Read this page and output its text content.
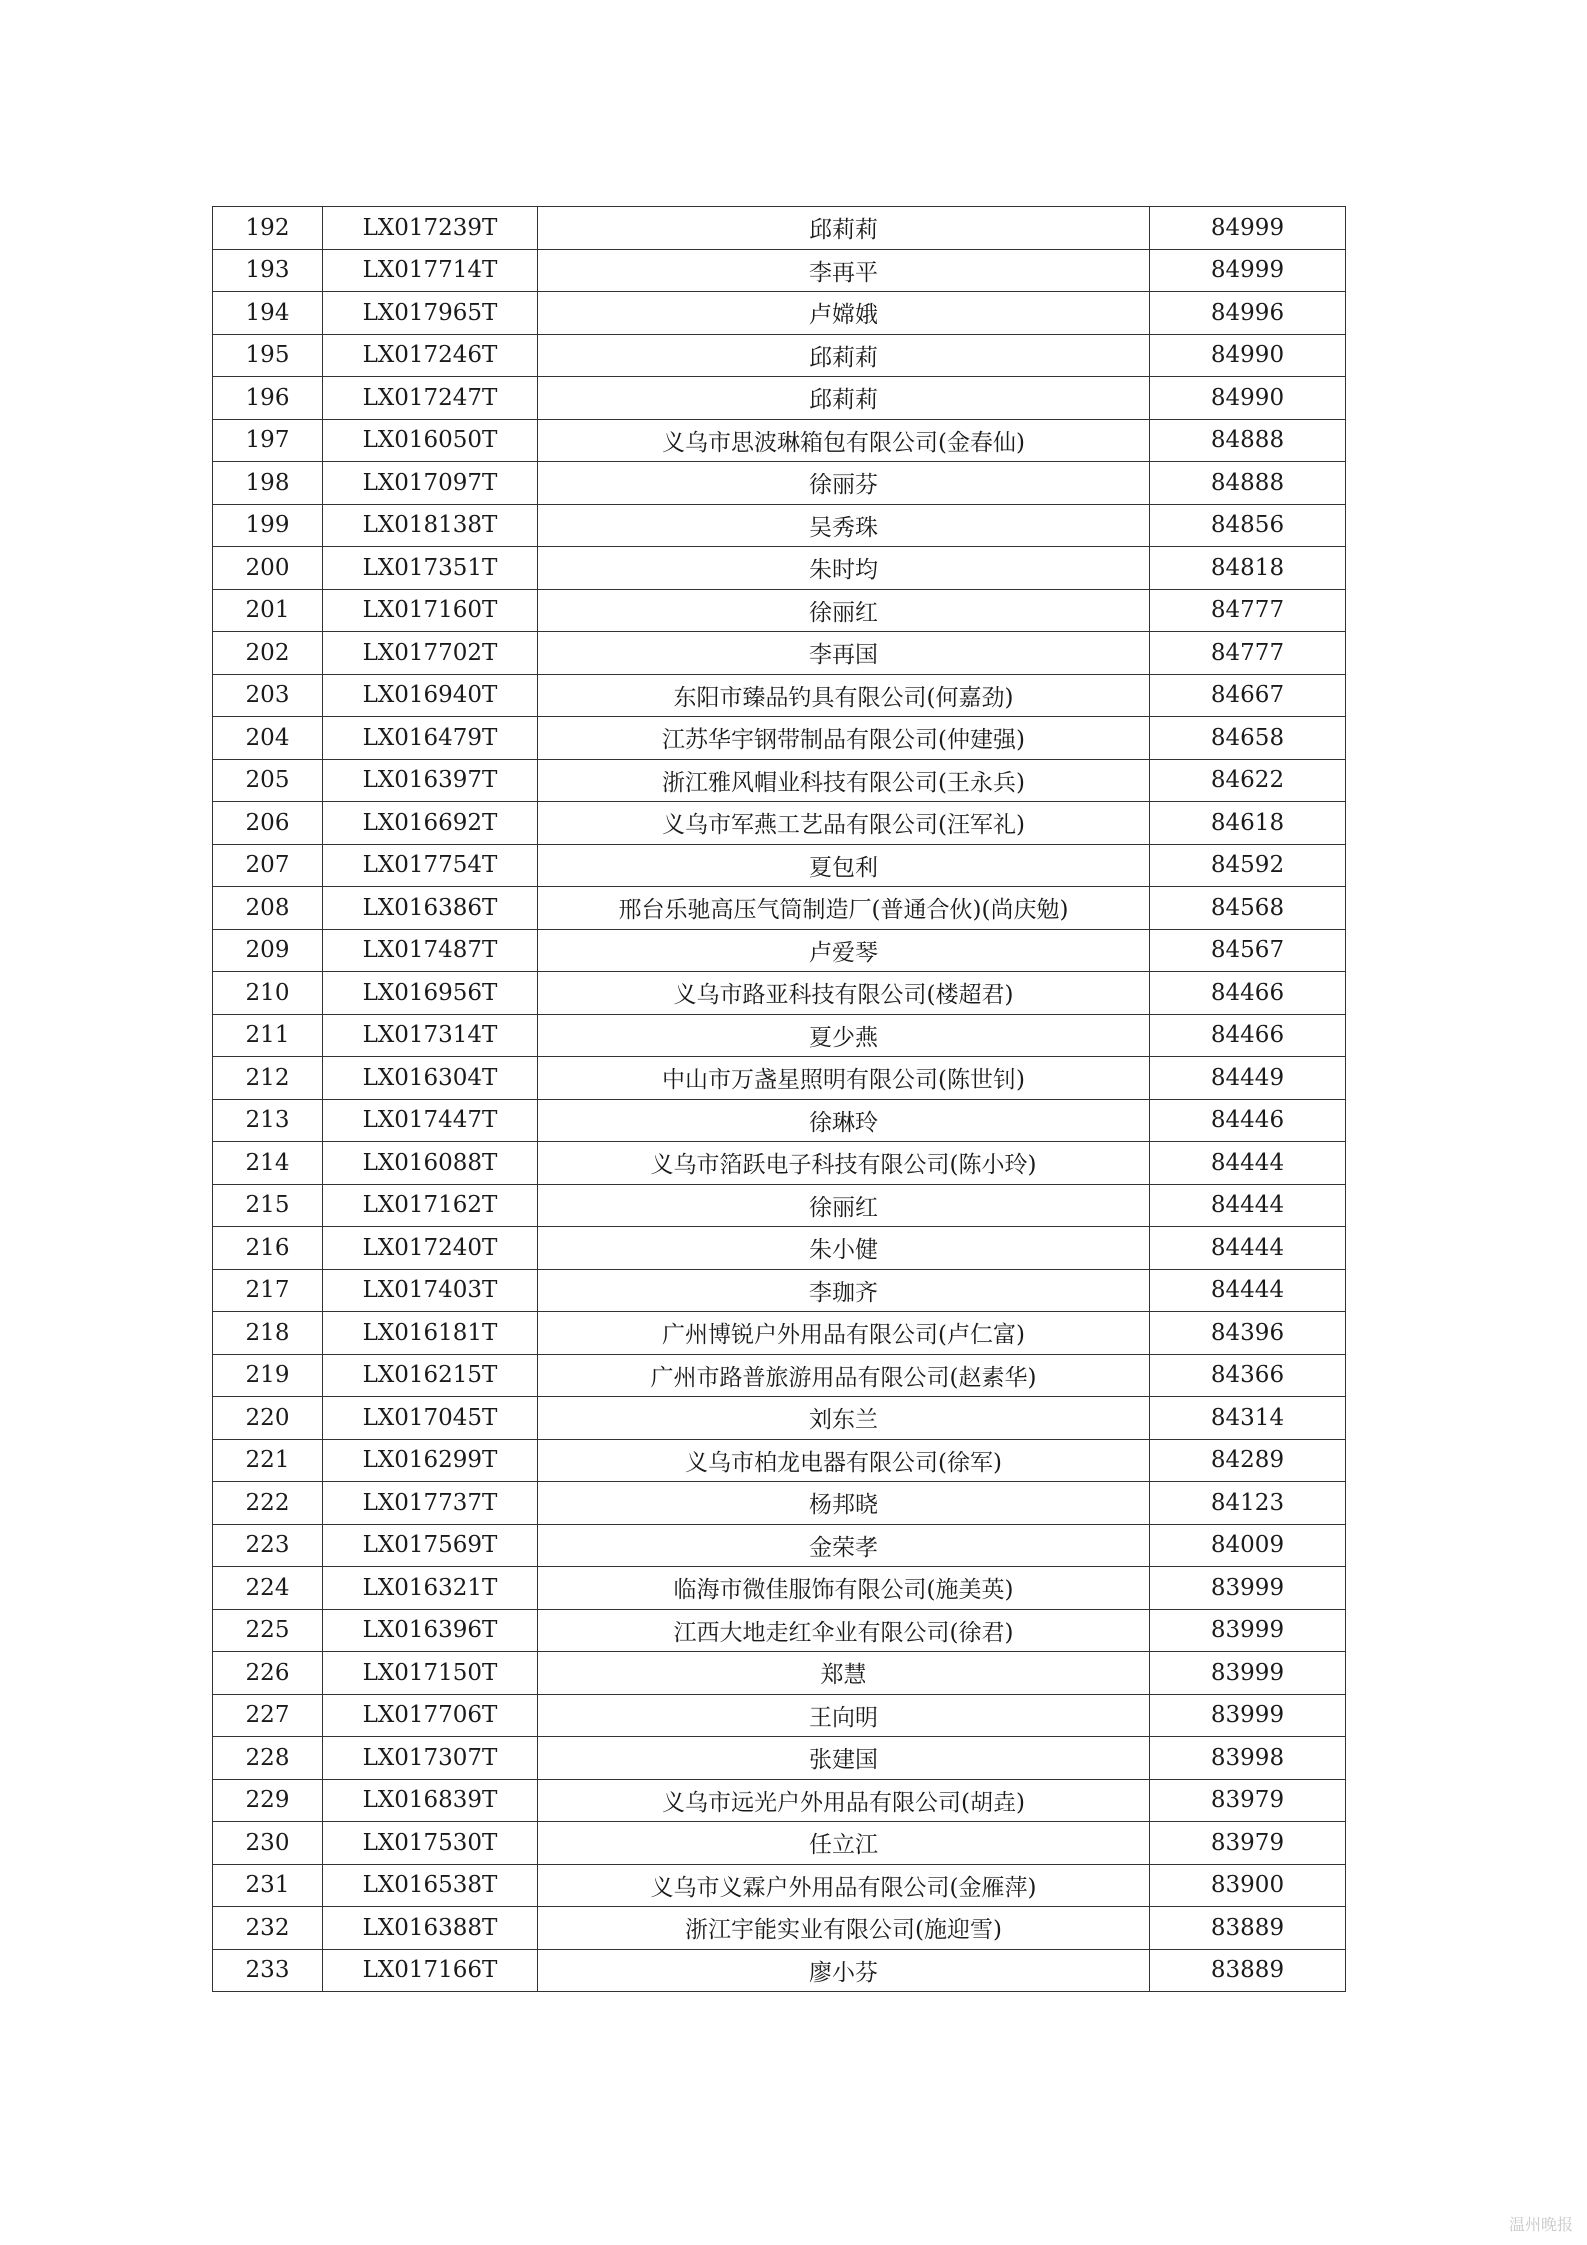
192	LX017239T	邱莉莉	84999
193	LX017714T	李再平	84999
194	LX017965T	卢嫦娥	84996
195	LX017246T	邱莉莉	84990
196	LX017247T	邱莉莉	84990
197	LX016050T	义乌市思波琳箱包有限公司(金春仙)	84888
198	LX017097T	徐丽芬	84888
199	LX018138T	吴秀珠	84856
200	LX017351T	朱时均	84818
201	LX017160T	徐丽红	84777
202	LX017702T	李再国	84777
203	LX016940T	东阳市臻品钓具有限公司(何嘉劲)	84667
204	LX016479T	江苏华宇钢带制品有限公司(仲建强)	84658
205	LX016397T	浙江雅风帽业科技有限公司(王永兵)	84622
206	LX016692T	义乌市军燕工艺品有限公司(汪军礼)	84618
207	LX017754T	夏包利	84592
208	LX016386T	邢台乐驰高压气筒制造厂(普通合伙)(尚庆勉)	84568
209	LX017487T	卢爱琴	84567
210	LX016956T	义乌市路亚科技有限公司(楼超君)	84466
211	LX017314T	夏少燕	84466
212	LX016304T	中山市万盏星照明有限公司(陈世钊)	84449
213	LX017447T	徐琳玲	84446
214	LX016088T	义乌市箔跃电子科技有限公司(陈小玲)	84444
215	LX017162T	徐丽红	84444
216	LX017240T	朱小健	84444
217	LX017403T	李珈齐	84444
218	LX016181T	广州博锐户外用品有限公司(卢仁富)	84396
219	LX016215T	广州市路普旅游用品有限公司(赵素华)	84366
220	LX017045T	刘东兰	84314
221	LX016299T	义乌市柏龙电器有限公司(徐军)	84289
222	LX017737T	杨邦晓	84123
223	LX017569T	金荣孝	84009
224	LX016321T	临海市微佳服饰有限公司(施美英)	83999
225	LX016396T	江西大地走红伞业有限公司(徐君)	83999
226	LX017150T	郑慧	83999
227	LX017706T	王向明	83999
228	LX017307T	张建国	83998
229	LX016839T	义乌市远光户外用品有限公司(胡垚)	83979
230	LX017530T	任立江	83979
231	LX016538T	义乌市义霖户外用品有限公司(金雁萍)	83900
232	LX016388T	浙江宇能实业有限公司(施迎雪)	83889
233	LX017166T	廖小芬	83889
温州晚报
